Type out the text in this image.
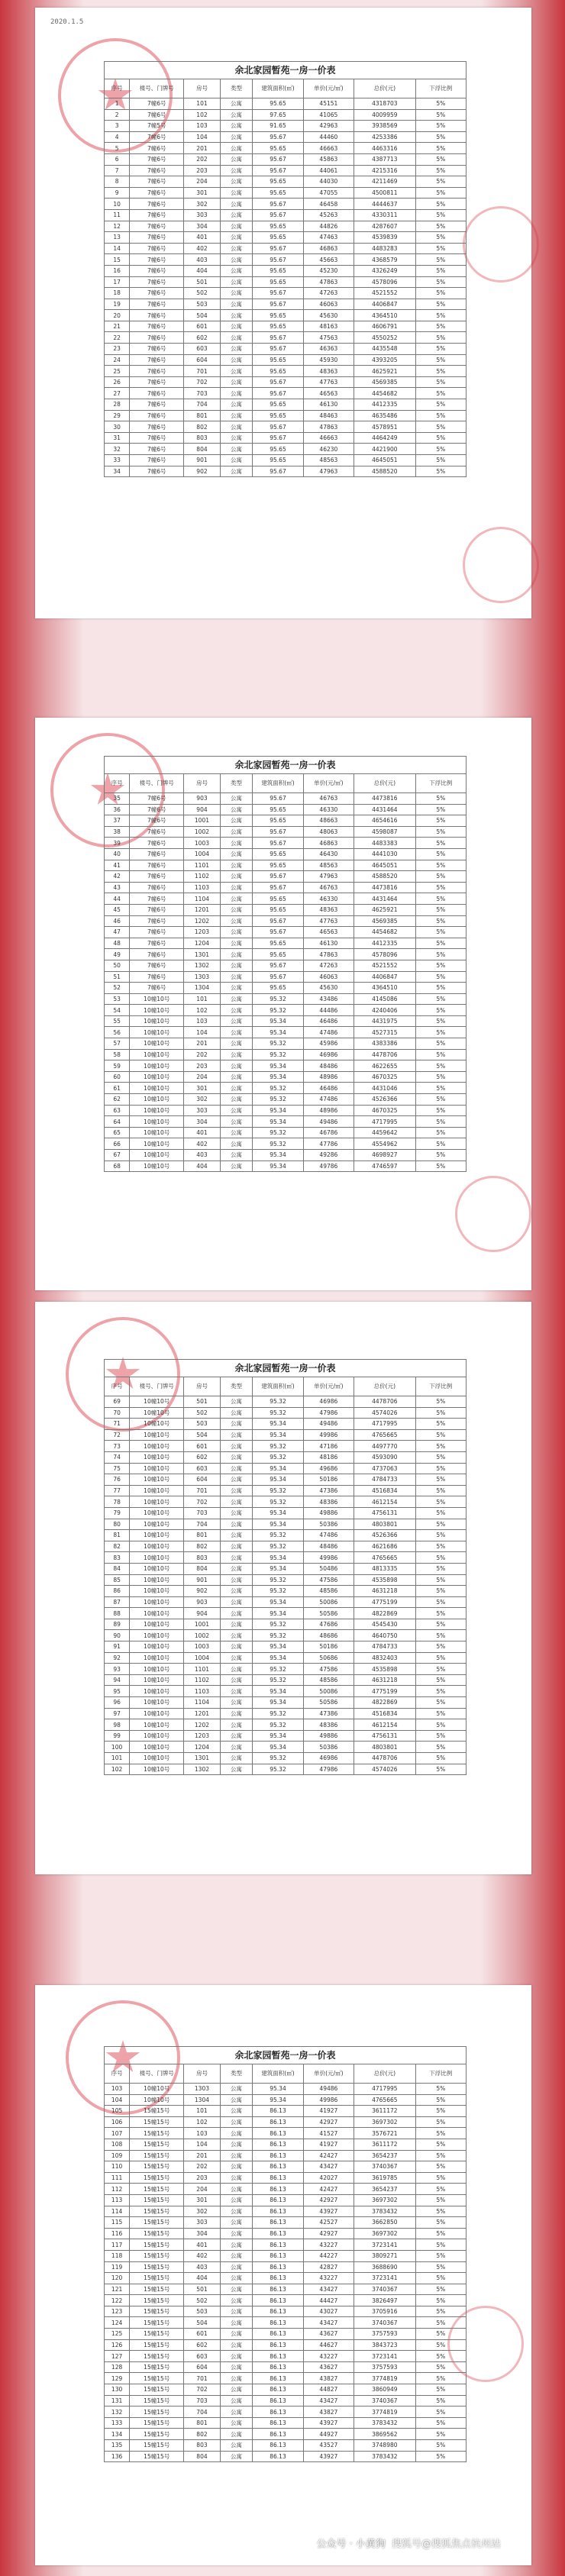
2020.1.5
余北家园暂苑一房一价表
序号	楼号、门牌号	房号	类型	建筑面积(㎡)	单价(元/㎡)	总价(元)	下浮比例
1	7幢6号	101	公寓	95.65	45151	4318703	5%
2	7幢6号	102	公寓	97.65	41065	4009959	5%
3	7幢5号	103	公寓	91.65	42963	3938569	5%
4	7幢6号	104	公寓	95.67	44460	4253386	5%
5	7幢6号	201	公寓	95.65	46663	4463316	5%
6	7幢6号	202	公寓	95.67	45863	4387713	5%
7	7幢6号	203	公寓	95.67	44061	4215316	5%
8	7幢6号	204	公寓	95.65	44030	4211469	5%
9	7幢6号	301	公寓	95.65	47055	4500811	5%
10	7幢6号	302	公寓	95.67	46458	4444637	5%
11	7幢6号	303	公寓	95.67	45263	4330311	5%
12	7幢6号	304	公寓	95.65	44826	4287607	5%
13	7幢6号	401	公寓	95.65	47463	4539839	5%
14	7幢6号	402	公寓	95.67	46863	4483283	5%
15	7幢6号	403	公寓	95.67	45663	4368579	5%
16	7幢6号	404	公寓	95.65	45230	4326249	5%
17	7幢6号	501	公寓	95.65	47863	4578096	5%
18	7幢6号	502	公寓	95.67	47263	4521552	5%
19	7幢6号	503	公寓	95.67	46063	4406847	5%
20	7幢6号	504	公寓	95.65	45630	4364510	5%
21	7幢6号	601	公寓	95.65	48163	4606791	5%
22	7幢6号	602	公寓	95.67	47563	4550252	5%
23	7幢6号	603	公寓	95.67	46363	4435548	5%
24	7幢6号	604	公寓	95.65	45930	4393205	5%
25	7幢6号	701	公寓	95.65	48363	4625921	5%
26	7幢6号	702	公寓	95.67	47763	4569385	5%
27	7幢6号	703	公寓	95.67	46563	4454682	5%
28	7幢6号	704	公寓	95.65	46130	4412335	5%
29	7幢6号	801	公寓	95.65	48463	4635486	5%
30	7幢6号	802	公寓	95.67	47863	4578951	5%
31	7幢6号	803	公寓	95.67	46663	4464249	5%
32	7幢6号	804	公寓	95.65	46230	4421900	5%
33	7幢6号	901	公寓	95.65	48563	4645051	5%
34	7幢6号	902	公寓	95.67	47963	4588520	5%
余北家园暂苑一房一价表
序号	楼号、门牌号	房号	类型	建筑面积(㎡)	单价(元/㎡)	总价(元)	下浮比例
35	7幢6号	903	公寓	95.67	46763	4473816	5%
36	7幢6号	904	公寓	95.65	46330	4431464	5%
37	7幢6号	1001	公寓	95.65	48663	4654616	5%
38	7幢6号	1002	公寓	95.67	48063	4598087	5%
39	7幢6号	1003	公寓	95.67	46863	4483383	5%
40	7幢6号	1004	公寓	95.65	46430	4441030	5%
41	7幢6号	1101	公寓	95.65	48563	4645051	5%
42	7幢6号	1102	公寓	95.67	47963	4588520	5%
43	7幢6号	1103	公寓	95.67	46763	4473816	5%
44	7幢6号	1104	公寓	95.65	46330	4431464	5%
45	7幢6号	1201	公寓	95.65	48363	4625921	5%
46	7幢6号	1202	公寓	95.67	47763	4569385	5%
47	7幢6号	1203	公寓	95.67	46563	4454682	5%
48	7幢6号	1204	公寓	95.65	46130	4412335	5%
49	7幢6号	1301	公寓	95.65	47863	4578096	5%
50	7幢6号	1302	公寓	95.67	47263	4521552	5%
51	7幢6号	1303	公寓	95.67	46063	4406847	5%
52	7幢6号	1304	公寓	95.65	45630	4364510	5%
53	10幢10号	101	公寓	95.32	43486	4145086	5%
54	10幢10号	102	公寓	95.32	44486	4240406	5%
55	10幢10号	103	公寓	95.34	46486	4431975	5%
56	10幢10号	104	公寓	95.34	47486	4527315	5%
57	10幢10号	201	公寓	95.32	45986	4383386	5%
58	10幢10号	202	公寓	95.32	46986	4478706	5%
59	10幢10号	203	公寓	95.34	48486	4622655	5%
60	10幢10号	204	公寓	95.34	48986	4670325	5%
61	10幢10号	301	公寓	95.32	46486	4431046	5%
62	10幢10号	302	公寓	95.32	47486	4526366	5%
63	10幢10号	303	公寓	95.34	48986	4670325	5%
64	10幢10号	304	公寓	95.34	49486	4717995	5%
65	10幢10号	401	公寓	95.32	46786	4459642	5%
66	10幢10号	402	公寓	95.32	47786	4554962	5%
67	10幢10号	403	公寓	95.34	49286	4698927	5%
68	10幢10号	404	公寓	95.34	49786	4746597	5%
余北家园暂苑一房一价表
序号	楼号、门牌号	房号	类型	建筑面积(㎡)	单价(元/㎡)	总价(元)	下浮比例
69	10幢10号	501	公寓	95.32	46986	4478706	5%
70	10幢10号	502	公寓	95.32	47986	4574026	5%
71	10幢10号	503	公寓	95.34	49486	4717995	5%
72	10幢10号	504	公寓	95.34	49986	4765665	5%
73	10幢10号	601	公寓	95.32	47186	4497770	5%
74	10幢10号	602	公寓	95.32	48186	4593090	5%
75	10幢10号	603	公寓	95.34	49686	4737063	5%
76	10幢10号	604	公寓	95.34	50186	4784733	5%
77	10幢10号	701	公寓	95.32	47386	4516834	5%
78	10幢10号	702	公寓	95.32	48386	4612154	5%
79	10幢10号	703	公寓	95.34	49886	4756131	5%
80	10幢10号	704	公寓	95.34	50386	4803801	5%
81	10幢10号	801	公寓	95.32	47486	4526366	5%
82	10幢10号	802	公寓	95.32	48486	4621686	5%
83	10幢10号	803	公寓	95.34	49986	4765665	5%
84	10幢10号	804	公寓	95.34	50486	4813335	5%
85	10幢10号	901	公寓	95.32	47586	4535898	5%
86	10幢10号	902	公寓	95.32	48586	4631218	5%
87	10幢10号	903	公寓	95.34	50086	4775199	5%
88	10幢10号	904	公寓	95.34	50586	4822869	5%
89	10幢10号	1001	公寓	95.32	47686	4545430	5%
90	10幢10号	1002	公寓	95.32	48686	4640750	5%
91	10幢10号	1003	公寓	95.34	50186	4784733	5%
92	10幢10号	1004	公寓	95.34	50686	4832403	5%
93	10幢10号	1101	公寓	95.32	47586	4535898	5%
94	10幢10号	1102	公寓	95.32	48586	4631218	5%
95	10幢10号	1103	公寓	95.34	50086	4775199	5%
96	10幢10号	1104	公寓	95.34	50586	4822869	5%
97	10幢10号	1201	公寓	95.32	47386	4516834	5%
98	10幢10号	1202	公寓	95.32	48386	4612154	5%
99	10幢10号	1203	公寓	95.34	49886	4756131	5%
100	10幢10号	1204	公寓	95.34	50386	4803801	5%
101	10幢10号	1301	公寓	95.32	46986	4478706	5%
102	10幢10号	1302	公寓	95.32	47986	4574026	5%
余北家园暂苑一房一价表
序号	楼号、门牌号	房号	类型	建筑面积(㎡)	单价(元/㎡)	总价(元)	下浮比例
103	10幢10号	1303	公寓	95.34	49486	4717995	5%
104	10幢10号	1304	公寓	95.34	49986	4765665	5%
105	15幢15号	101	公寓	86.13	41927	3611172	5%
106	15幢15号	102	公寓	86.13	42927	3697302	5%
107	15幢15号	103	公寓	86.13	41527	3576721	5%
108	15幢15号	104	公寓	86.13	41927	3611172	5%
109	15幢15号	201	公寓	86.13	42427	3654237	5%
110	15幢15号	202	公寓	86.13	43427	3740367	5%
111	15幢15号	203	公寓	86.13	42027	3619785	5%
112	15幢15号	204	公寓	86.13	42427	3654237	5%
113	15幢15号	301	公寓	86.13	42927	3697302	5%
114	15幢15号	302	公寓	86.13	43927	3783432	5%
115	15幢15号	303	公寓	86.13	42527	3662850	5%
116	15幢15号	304	公寓	86.13	42927	3697302	5%
117	15幢15号	401	公寓	86.13	43227	3723141	5%
118	15幢15号	402	公寓	86.13	44227	3809271	5%
119	15幢15号	403	公寓	86.13	42827	3688690	5%
120	15幢15号	404	公寓	86.13	43227	3723141	5%
121	15幢15号	501	公寓	86.13	43427	3740367	5%
122	15幢15号	502	公寓	86.13	44427	3826497	5%
123	15幢15号	503	公寓	86.13	43027	3705916	5%
124	15幢15号	504	公寓	86.13	43427	3740367	5%
125	15幢15号	601	公寓	86.13	43627	3757593	5%
126	15幢15号	602	公寓	86.13	44627	3843723	5%
127	15幢15号	603	公寓	86.13	43227	3723141	5%
128	15幢15号	604	公寓	86.13	43627	3757593	5%
129	15幢15号	701	公寓	86.13	43827	3774819	5%
130	15幢15号	702	公寓	86.13	44827	3860949	5%
131	15幢15号	703	公寓	86.13	43427	3740367	5%
132	15幢15号	704	公寓	86.13	43827	3774819	5%
133	15幢15号	801	公寓	86.13	43927	3783432	5%
134	15幢15号	802	公寓	86.13	44927	3869562	5%
135	15幢15号	803	公寓	86.13	43527	3748980	5%
136	15幢15号	804	公寓	86.13	43927	3783432	5%
公众号 · 小黄狗 搜狐号@搜狐焦点杭州站
